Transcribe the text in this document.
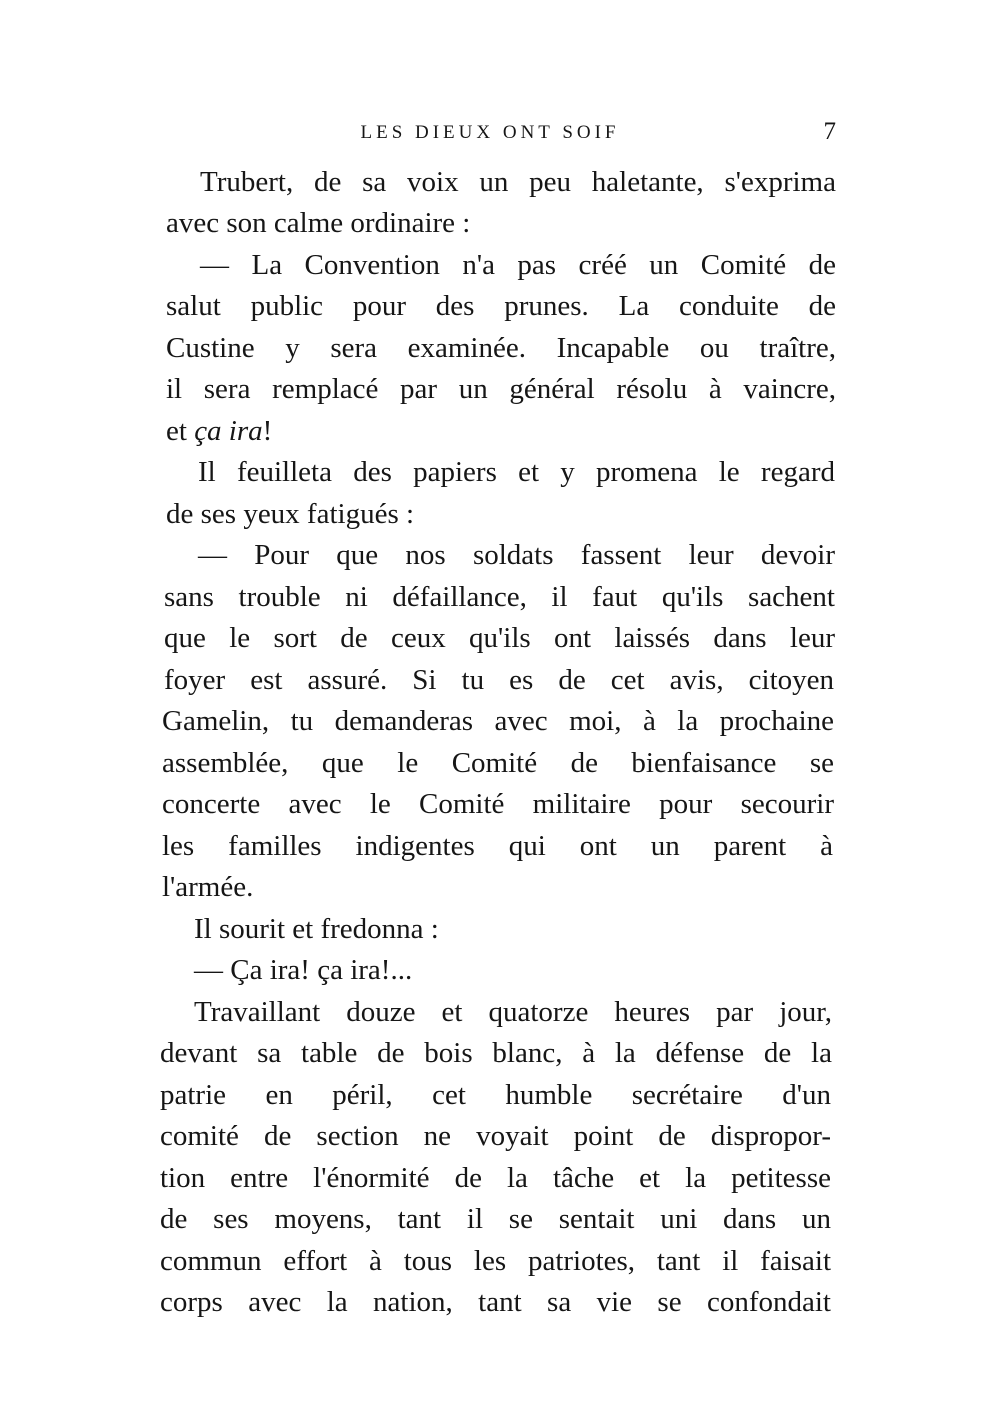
LES DIEUX ONT SOIF	7
Trubert, de sa voix un peu haletante, s'exprima
avec son calme ordinaire :
— La Convention n'a pas créé un Comité de
salut public pour des prunes. La conduite de
Custine y sera examinée. Incapable ou traître,
il sera remplacé par un général résolu à vaincre,
et ça ira!
Il feuilleta des papiers et y promena le regard
de ses yeux fatigués :
— Pour que nos soldats fassent leur devoir
sans trouble ni défaillance, il faut qu'ils sachent
que le sort de ceux qu'ils ont laissés dans leur
foyer est assuré. Si tu es de cet avis, citoyen
Gamelin, tu demanderas avec moi, à la prochaine
assemblée, que le Comité de bienfaisance se
concerte avec le Comité militaire pour secourir
les familles indigentes qui ont un parent à
l'armée.
Il sourit et fredonna :
— Ça ira! ça ira!...
Travaillant douze et quatorze heures par jour,
devant sa table de bois blanc, à la défense de la
patrie en péril, cet humble secrétaire d'un
comité de section ne voyait point de dispropor-
tion entre l'énormité de la tâche et la petitesse
de ses moyens, tant il se sentait uni dans un
commun effort à tous les patriotes, tant il faisait
corps avec la nation, tant sa vie se confondait
